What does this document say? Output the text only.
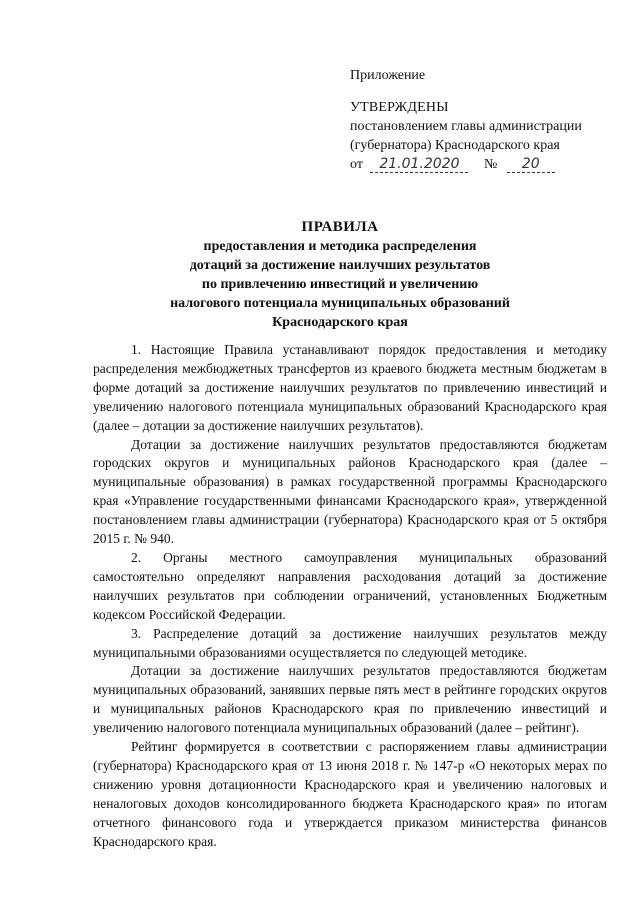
Приложение
УТВЕРЖДЕНЫ
постановлением главы администрации
(губернатора) Краснодарского края
от 21.01.2020 № 20
ПРАВИЛА
предоставления и методика распределения
дотаций за достижение наилучших результатов
по привлечению инвестиций и увеличению
налогового потенциала муниципальных образований
Краснодарского края

1. Настоящие Правила устанавливают порядок предоставления и методику распределения межбюджетных трансфертов из краевого бюджета местным бюджетам в форме дотаций за достижение наилучших результатов по привлечению инвестиций и увеличению налогового потенциала муниципальных образований Краснодарского края (далее – дотации за достижение наилучших результатов).

Дотации за достижение наилучших результатов предоставляются бюджетам городских округов и муниципальных районов Краснодарского края (далее – муниципальные образования) в рамках государственной программы Краснодарского края «Управление государственными финансами Краснодарского края», утвержденной постановлением главы администрации (губернатора) Краснодарского края от 5 октября 2015 г. № 940.

2. Органы местного самоуправления муниципальных образований самостоятельно определяют направления расходования дотаций за достижение наилучших результатов при соблюдении ограничений, установленных Бюджетным кодексом Российской Федерации.

3. Распределение дотаций за достижение наилучших результатов между муниципальными образованиями осуществляется по следующей методике.

Дотации за достижение наилучших результатов предоставляются бюджетам муниципальных образований, занявших первые пять мест в рейтинге городских округов и муниципальных районов Краснодарского края по привлечению инвестиций и увеличению налогового потенциала муниципальных образований (далее – рейтинг).

Рейтинг формируется в соответствии с распоряжением главы администрации (губернатора) Краснодарского края от 13 июня 2018 г. № 147-р «О некоторых мерах по снижению уровня дотационности Краснодарского края и увеличению налоговых и неналоговых доходов консолидированного бюджета Краснодарского края» по итогам отчетного финансового года и утверждается приказом министерства финансов Краснодарского края.
